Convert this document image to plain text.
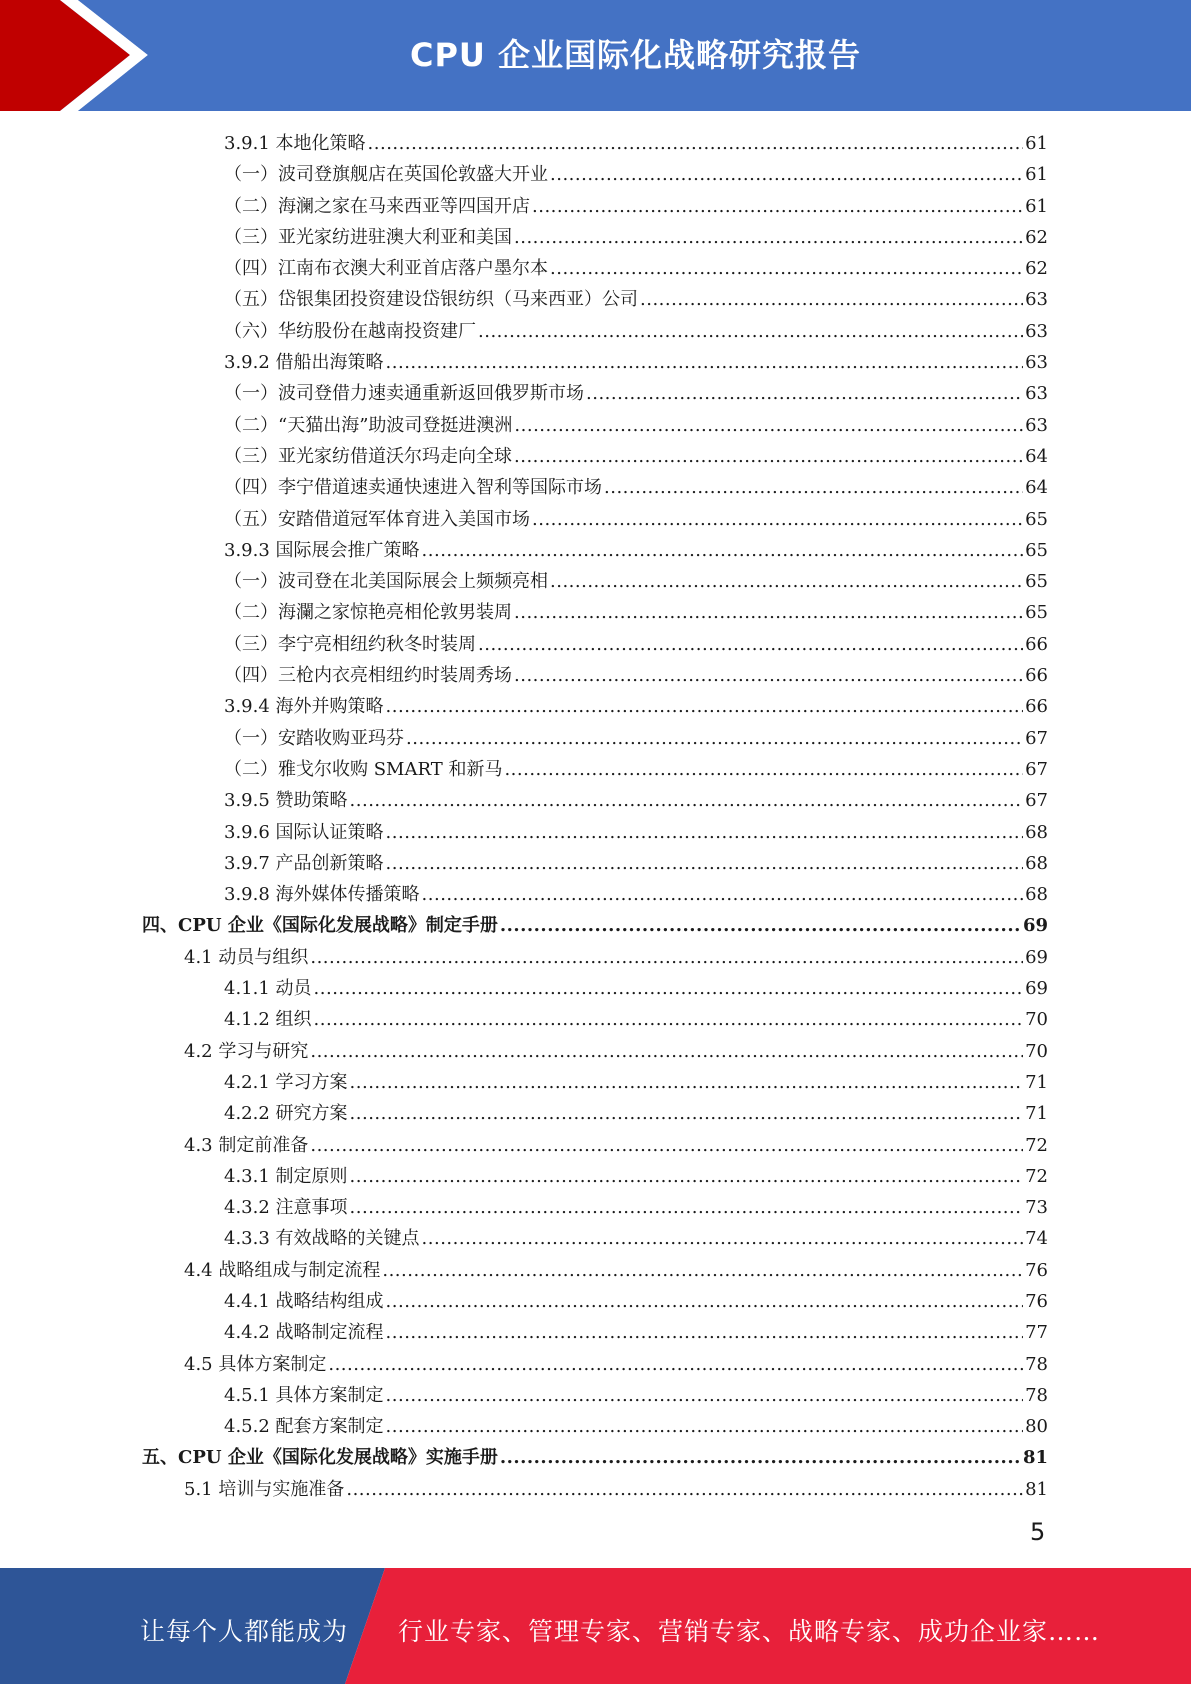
CPU 企业国际化战略研究报告
3.9.1 本地化策略 .....	61
（一）波司登旗舰店在英国伦敦盛大开业 .....	61
（二）海澜之家在马来西亚等四国开店 .....	61
（三）亚光家纺进驻澳大利亚和美国 .....	62
（四）江南布衣澳大利亚首店落户墨尔本 .....	62
（五）岱银集团投资建设岱银纺织（马来西亚）公司 .....	63
（六）华纺股份在越南投资建厂 .....	63
3.9.2 借船出海策略 .....	63
（一）波司登借力速卖通重新返回俄罗斯市场 .....	63
（二）“天猫出海”助波司登挺进澳洲 .....	63
（三）亚光家纺借道沃尔玛走向全球 .....	64
（四）李宁借道速卖通快速进入智利等国际市场 .....	64
（五）安踏借道冠军体育进入美国市场 .....	65
3.9.3 国际展会推广策略 .....	65
（一）波司登在北美国际展会上频频亮相 .....	65
（二）海瀾之家惊艳亮相伦敦男装周 .....	65
（三）李宁亮相纽约秋冬时装周 .....	66
（四）三枪内衣亮相纽约时装周秀场 .....	66
3.9.4 海外并购策略 .....	66
（一）安踏收购亚玛芬 .....	67
（二）雅戈尔收购 SMART 和新马 .....	67
3.9.5 赞助策略 .....	67
3.9.6 国际认证策略 .....	68
3.9.7 产品创新策略 .....	68
3.9.8 海外媒体传播策略 .....	68
四、CPU 企业《国际化发展战略》制定手册 .....	69
4.1 动员与组织 .....	69
4.1.1 动员 .....	69
4.1.2 组织 .....	70
4.2 学习与研究 .....	70
4.2.1 学习方案 .....	71
4.2.2 研究方案 .....	71
4.3 制定前准备 .....	72
4.3.1 制定原则 .....	72
4.3.2 注意事项 .....	73
4.3.3 有效战略的关键点 .....	74
4.4 战略组成与制定流程 .....	76
4.4.1 战略结构组成 .....	76
4.4.2 战略制定流程 .....	77
4.5 具体方案制定 .....	78
4.5.1 具体方案制定 .....	78
4.5.2 配套方案制定 .....	80
五、CPU 企业《国际化发展战略》实施手册 .....	81
5.1 培训与实施准备 .....	81
5
让每个人都能成为 行业专家、管理专家、营销专家、战略专家、成功企业家……
